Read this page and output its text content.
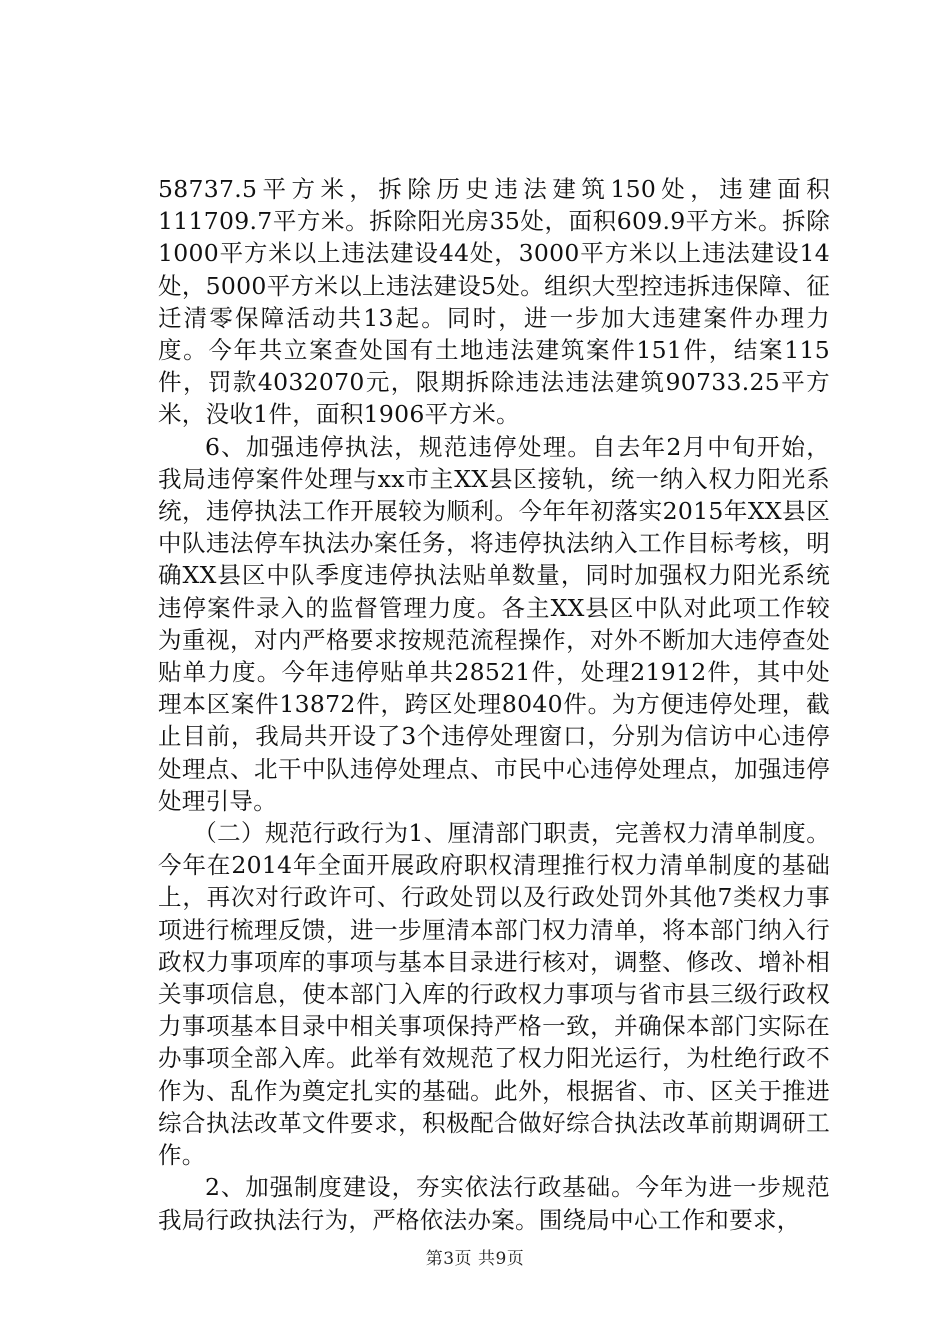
58737.5平方米，拆除历史违法建筑150处，违建面积111709.7平方米。拆除阳光房35处，面积609.9平方米。拆除1000平方米以上违法建设44处，3000平方米以上违法建设14处，5000平方米以上违法建设5处。组织大型控违拆违保障、征迁清零保障活动共13起。同时，进一步加大违建案件办理力度。今年共立案查处国有土地违法建筑案件151件，结案115件，罚款4032070元，限期拆除违法违法建筑90733.25平方米，没收1件，面积1906平方米。

6、加强违停执法，规范违停处理。自去年2月中旬开始，我局违停案件处理与xx市主XX县区接轨，统一纳入权力阳光系统，违停执法工作开展较为顺利。今年年初落实2015年XX县区中队违法停车执法办案任务，将违停执法纳入工作目标考核，明确XX县区中队季度违停执法贴单数量，同时加强权力阳光系统违停案件录入的监督管理力度。各主XX县区中队对此项工作较为重视，对内严格要求按规范流程操作，对外不断加大违停查处贴单力度。今年违停贴单共28521件，处理21912件，其中处理本区案件13872件，跨区处理8040件。为方便违停处理，截止目前，我局共开设了3个违停处理窗口，分别为信访中心违停处理点、北干中队违停处理点、市民中心违停处理点，加强违停处理引导。

（二）规范行政行为1、厘清部门职责，完善权力清单制度。今年在2014年全面开展政府职权清理推行权力清单制度的基础上，再次对行政许可、行政处罚以及行政处罚外其他7类权力事项进行梳理反馈，进一步厘清本部门权力清单，将本部门纳入行政权力事项库的事项与基本目录进行核对，调整、修改、增补相关事项信息，使本部门入库的行政权力事项与省市县三级行政权力事项基本目录中相关事项保持严格一致，并确保本部门实际在办事项全部入库。此举有效规范了权力阳光运行，为杜绝行政不作为、乱作为奠定扎实的基础。此外，根据省、市、区关于推进综合执法改革文件要求，积极配合做好综合执法改革前期调研工作。

2、加强制度建设，夯实依法行政基础。今年为进一步规范我局行政执法行为，严格依法办案。围绕局中心工作和要求，

第3页 共9页
